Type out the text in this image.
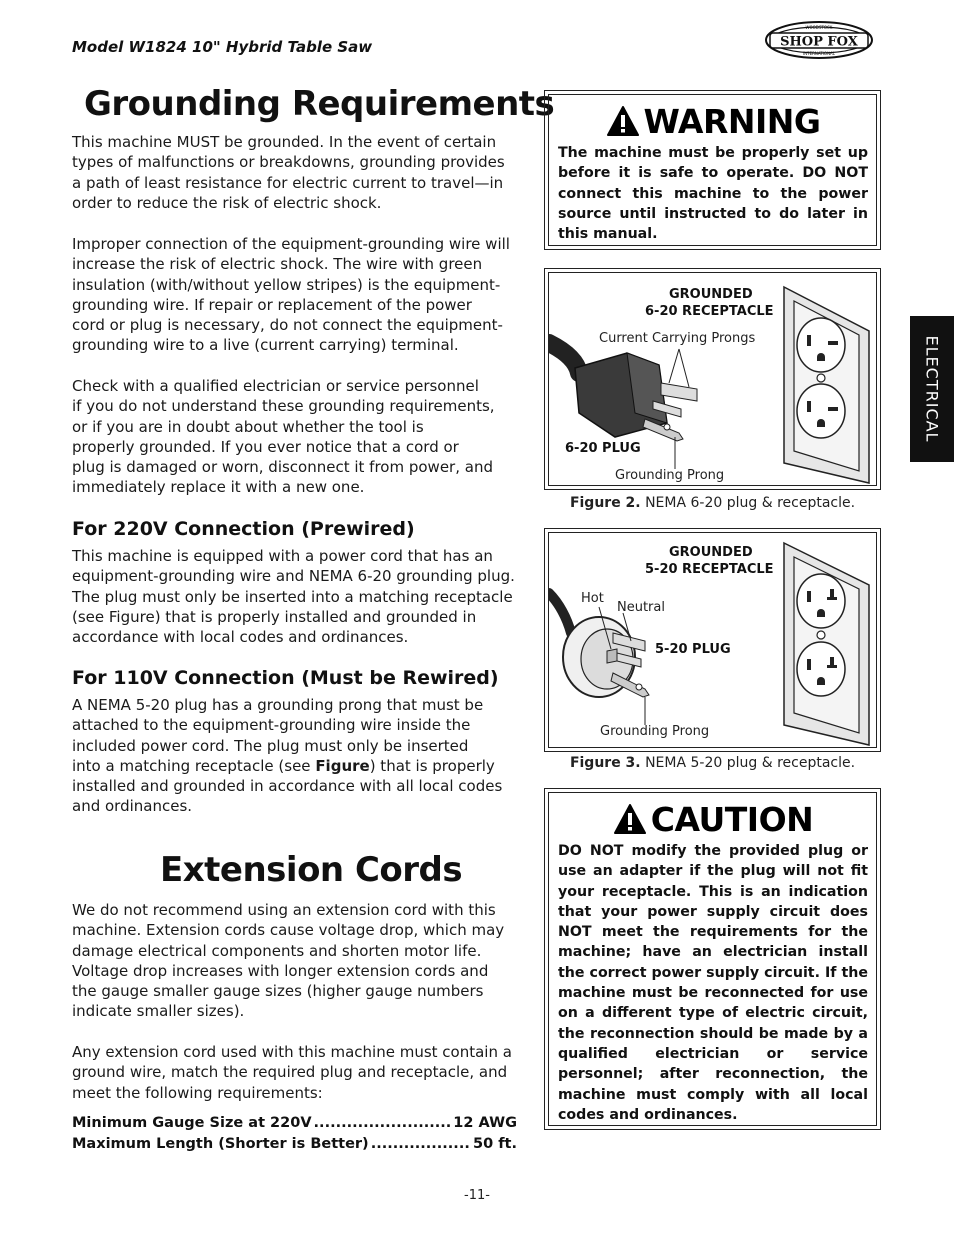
Model W1824 10" Hybrid Table Saw	SHOP FOX
WOODSTOCK
INTERNATIONAL
Grounding Requirements
This machine MUST be grounded. In the event of certain
types of malfunctions or breakdowns, grounding provides
a path of least resistance for electric current to travel—in
order to reduce the risk of electric shock.
Improper connection of the equipment-grounding wire will
increase the risk of electric shock. The wire with green
insulation (with/without yellow stripes) is the equipment-
grounding wire. If repair or replacement of the power
cord or plug is necessary, do not connect the equipment-
grounding wire to a live (current carrying) terminal.
Check with a qualified electrician or service personnel
if you do not understand these grounding requirements,
or if you are in doubt about whether the tool is
properly grounded. If you ever notice that a cord or
plug is damaged or worn, disconnect it from power, and
immediately replace it with a new one.
For 220V Connection (Prewired)
This machine is equipped with a power cord that has an
equipment-grounding wire and NEMA 6-20 grounding plug.
The plug must only be inserted into a matching receptacle
(see Figure) that is properly installed and grounded in
accordance with local codes and ordinances.
For 110V Connection (Must be Rewired)
A NEMA 5-20 plug has a grounding prong that must be
attached to the equipment-grounding wire inside the
included power cord. The plug must only be inserted
into a matching receptacle (see Figure) that is properly
installed and grounded in accordance with all local codes
and ordinances.
Extension Cords
We do not recommend using an extension cord with this
machine. Extension cords cause voltage drop, which may
damage electrical components and shorten motor life.
Voltage drop increases with longer extension cords and
the gauge smaller gauge sizes (higher gauge numbers
indicate smaller sizes).
Any extension cord used with this machine must contain a
ground wire, match the required plug and receptacle, and
meet the following requirements:
Minimum Gauge Size at 220V .....	12 AWG
Maximum Length (Shorter is Better) .....	50 ft.
WARNING
The machine must be properly set up before it is safe to operate. DO NOT connect this machine to the power source until instructed to do later in this manual.
GROUNDED
6-20 RECEPTACLE
Current Carrying Prongs
6-20 PLUG
Grounding Prong
Figure 2. NEMA 6-20 plug & receptacle.
GROUNDED
5-20 RECEPTACLE
Hot
Neutral
5-20 PLUG
Grounding Prong
Figure 3. NEMA 5-20 plug & receptacle.
CAUTION
DO NOT modify the provided plug or use an adapter if the plug will not fit your receptacle. This is an indication that your power supply circuit does NOT meet the requirements for the machine; have an electrician install the correct power supply circuit. If the machine must be reconnected for use on a different type of electric circuit, the reconnection should be made by a qualified electrician or service personnel; after reconnection, the machine must comply with all local codes and ordinances.
ELECTRICAL
-11-
